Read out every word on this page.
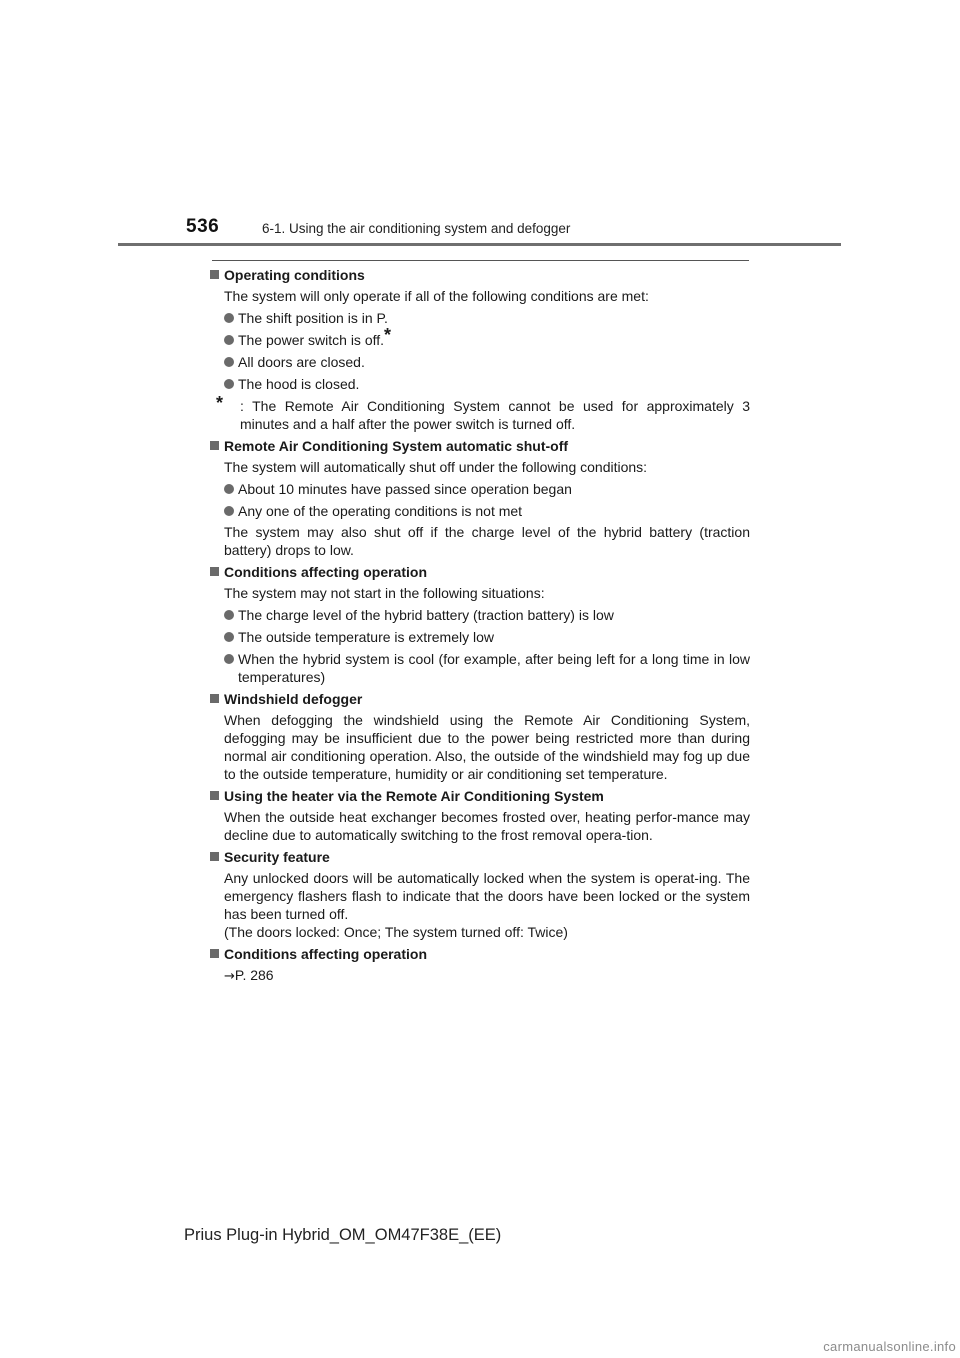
536	6-1. Using the air conditioning system and defogger
Operating conditions
The system will only operate if all of the following conditions are met:
The shift position is in P.
The power switch is off.*
All doors are closed.
The hood is closed.
*	: The Remote Air Conditioning System cannot be used for approximately 3 minutes and a half after the power switch is turned off.
Remote Air Conditioning System automatic shut-off
The system will automatically shut off under the following conditions:
About 10 minutes have passed since operation began
Any one of the operating conditions is not met
The system may also shut off if the charge level of the hybrid battery (traction battery) drops to low.
Conditions affecting operation
The system may not start in the following situations:
The charge level of the hybrid battery (traction battery) is low
The outside temperature is extremely low
When the hybrid system is cool (for example, after being left for a long time in low temperatures)
Windshield defogger
When defogging the windshield using the Remote Air Conditioning System, defogging may be insufficient due to the power being restricted more than during normal air conditioning operation. Also, the outside of the windshield may fog up due to the outside temperature, humidity or air conditioning set temperature.
Using the heater via the Remote Air Conditioning System
When the outside heat exchanger becomes frosted over, heating perfor-mance may decline due to automatically switching to the frost removal opera-tion.
Security feature
Any unlocked doors will be automatically locked when the system is operat-ing. The emergency flashers flash to indicate that the doors have been locked or the system has been turned off.
(The doors locked: Once; The system turned off: Twice)
Conditions affecting operation
→P. 286
Prius Plug-in Hybrid_OM_OM47F38E_(EE)
carmanualsonline.info
